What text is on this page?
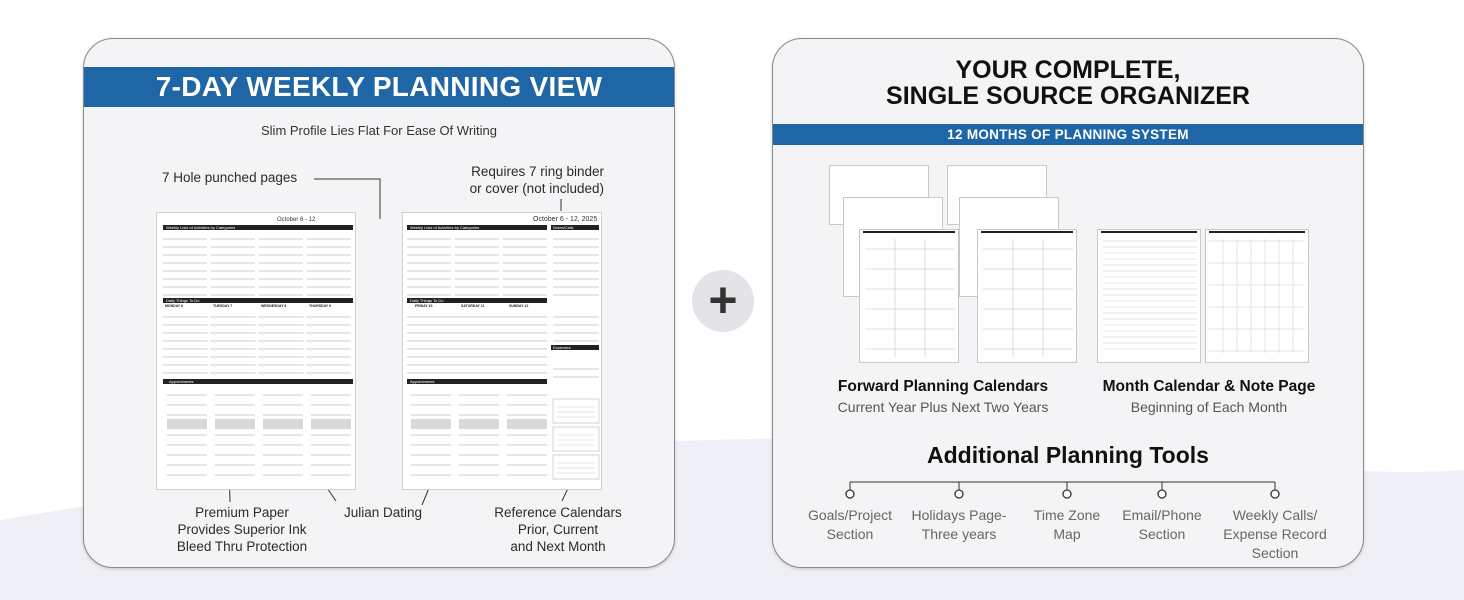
7-DAY WEEKLY PLANNING VIEW
Slim Profile Lies Flat For Ease Of Writing
7 Hole punched pages	Requires 7 ring binder
or cover (not included)
October 6 - 12
Weekly Lists of Activities by Categories
Daily Things To Do
MONDAY 6	TUESDAY 7	WEDNESDAY 8	THURSDAY 9
Appointments
October 6 - 12, 2025
Weekly Lists of Activities by Categories	Notes/Calls
Daily Things To Do
FRIDAY 10	SATURDAY 11	SUNDAY 12
Expenses
Appointments
Premium Paper
Provides Superior Ink
Bleed Thru Protection
Julian Dating	Reference Calendars
Prior, Current
and Next Month
+
YOUR COMPLETE,
SINGLE SOURCE ORGANIZER
12 MONTHS OF PLANNING SYSTEM
Forward Planning Calendars
Current Year Plus Next Two Years
Month Calendar & Note Page
Beginning of Each Month
Additional Planning Tools
Goals/Project
Section
Holidays Page-
Three years
Time Zone
Map
Email/Phone
Section
Weekly Calls/
Expense Record
Section
